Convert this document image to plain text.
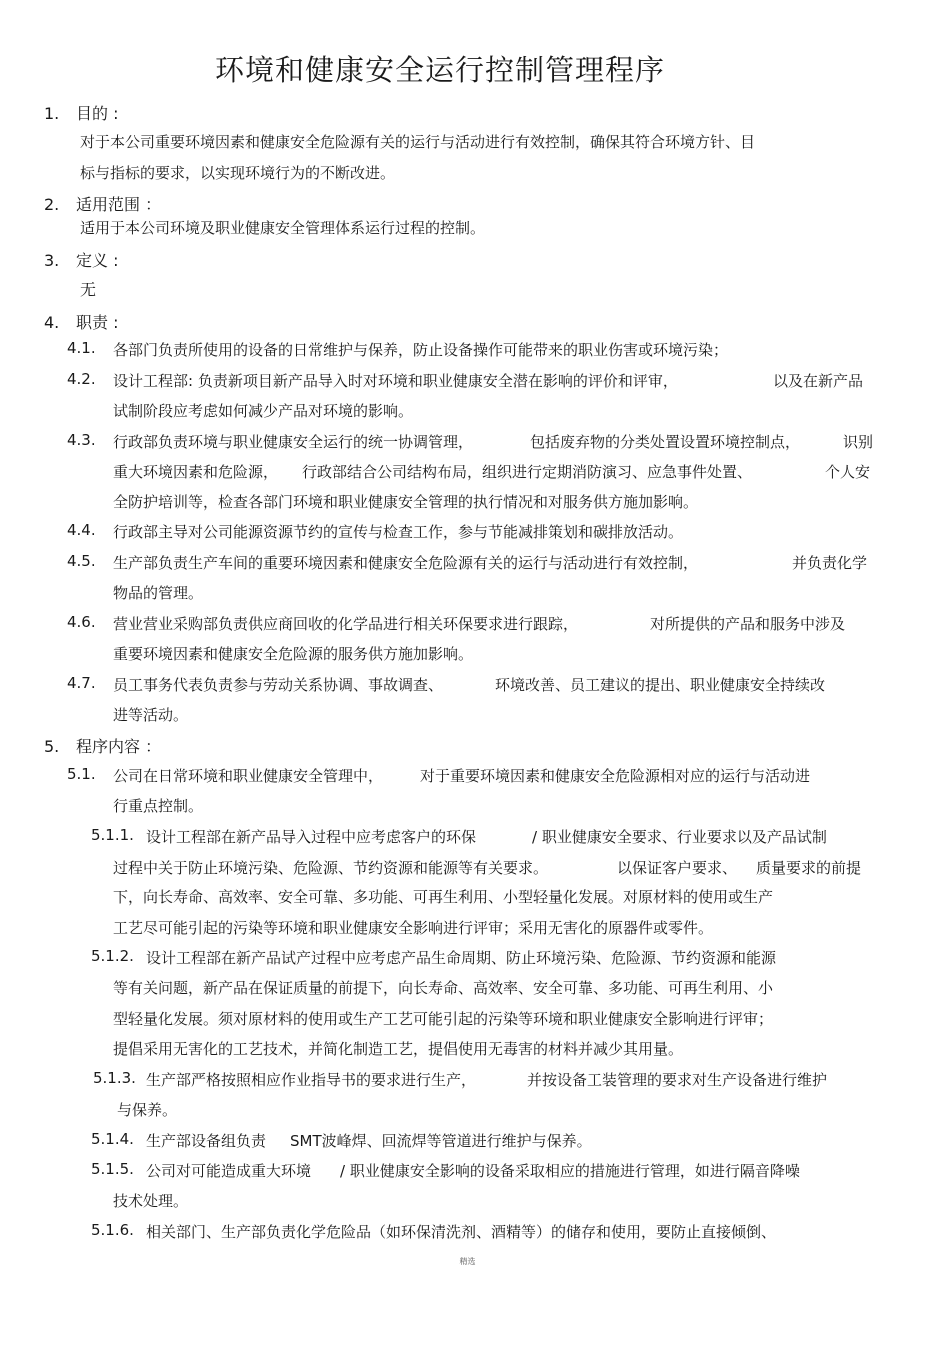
环境和健康安全运行控制管理程序
1. 目的 :
对于本公司重要环境因素和健康安全危险源有关的运行与活动进行有效控制，确保其符合环境方针、目
标与指标的要求，以实现环境行为的不断改进。
2. 适用范围 ：
适用于本公司环境及职业健康安全管理体系运行过程的控制。
3. 定义 :
无
4. 职责 :
4.1. 各部门负责所使用的设备的日常维护与保养，防止设备操作可能带来的职业伤害或环境污染；
4.2. 设计工程部: 负责新项目新产品导入时对环境和职业健康安全潜在影响的评价和评审，	以及在新产品
试制阶段应考虑如何减少产品对环境的影响。
4.3. 行政部负责环境与职业健康安全运行的统一协调管理，	包括废弃物的分类处置设置环境控制点，	识别
重大环境因素和危险源， 行政部结合公司结构布局，组织进行定期消防演习、应急事件处置、	个人安
全防护培训等，检查各部门环境和职业健康安全管理的执行情况和对服务供方施加影响。
4.4. 行政部主导对公司能源资源节约的宣传与检查工作，参与节能减排策划和碳排放活动。
4.5. 生产部负责生产车间的重要环境因素和健康安全危险源有关的运行与活动进行有效控制，	并负责化学
物品的管理。
4.6. 营业营业采购部负责供应商回收的化学品进行相关环保要求进行跟踪，	对所提供的产品和服务中涉及
重要环境因素和健康安全危险源的服务供方施加影响。
4.7. 员工事务代表负责参与劳动关系协调、事故调查、	环境改善、员工建议的提出、职业健康安全持续改
进等活动。
5. 程序内容 ：
5.1. 公司在日常环境和职业健康安全管理中， 对于重要环境因素和健康安全危险源相对应的运行与活动进
行重点控制。
5.1.1. 设计工程部在新产品导入过程中应考虑客户的环保	/ 职业健康安全要求、行业要求以及产品试制
过程中关于防止环境污染、危险源、节约资源和能源等有关要求。	以保证客户要求、 质量要求的前提
下，向长寿命、高效率、安全可靠、多功能、可再生利用、小型轻量化发展。对原材料的使用或生产
工艺尽可能引起的污染等环境和职业健康安全影响进行评审；采用无害化的原器件或零件。
5.1.2. 设计工程部在新产品试产过程中应考虑产品生命周期、防止环境污染、危险源、节约资源和能源
等有关问题，新产品在保证质量的前提下，向长寿命、高效率、安全可靠、多功能、可再生利用、小
型轻量化发展。须对原材料的使用或生产工艺可能引起的污染等环境和职业健康安全影响进行评审；
提倡采用无害化的工艺技术，并简化制造工艺，提倡使用无毒害的材料并减少其用量。
5.1.3. 生产部严格按照相应作业指导书的要求进行生产，	并按设备工装管理的要求对生产设备进行维护
与保养。
5.1.4. 生产部设备组负责 SMT波峰焊、回流焊等管道进行维护与保养。
5.1.5. 公司对可能造成重大环境 / 职业健康安全影响的设备采取相应的措施进行管理，如进行隔音降噪
技术处理。
5.1.6. 相关部门、生产部负责化学危险品（如环保清洗剂、酒精等）的储存和使用，要防止直接倾倒、
精选
